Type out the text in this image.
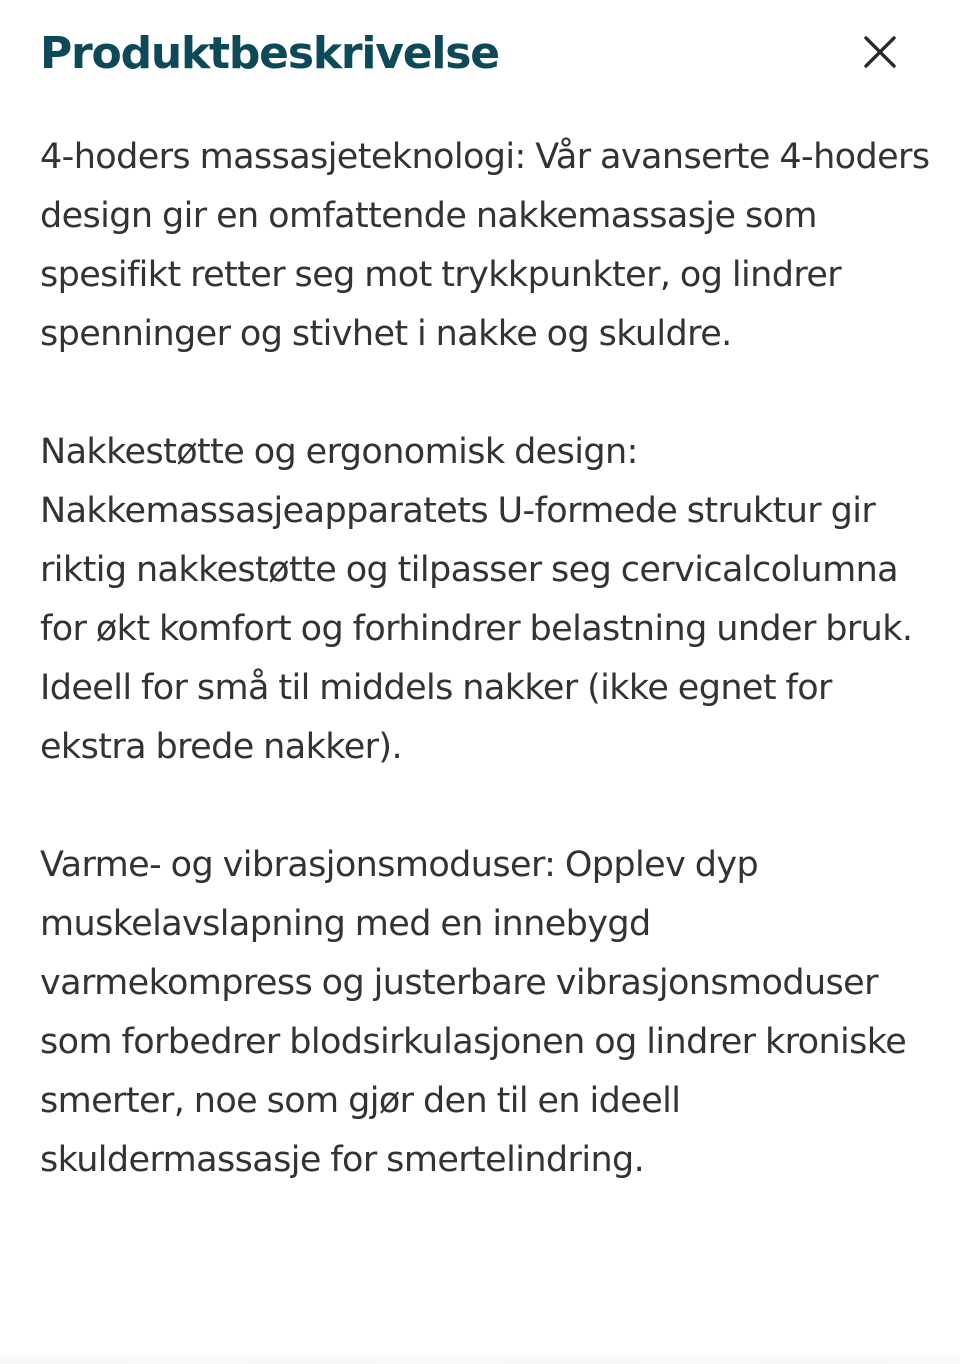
Produktbeskrivelse

4-hoders massasjeteknologi: Vår avanserte 4-hoders design gir en omfattende nakkemassasje som spesifikt retter seg mot trykkpunkter, og lindrer spenninger og stivhet i nakke og skuldre.

Nakkestøtte og ergonomisk design: Nakkemassasjeapparatets U-formede struktur gir riktig nakkestøtte og tilpasser seg cervicalcolumna for økt komfort og forhindrer belastning under bruk. Ideell for små til middels nakker (ikke egnet for ekstra brede nakker).

Varme- og vibrasjonsmoduser: Opplev dyp muskelavslapning med en innebygd varmekompress og justerbare vibrasjonsmoduser som forbedrer blodsirkulasjonen og lindrer kroniske smerter, noe som gjør den til en ideell skuldermassasje for smertelindring.
